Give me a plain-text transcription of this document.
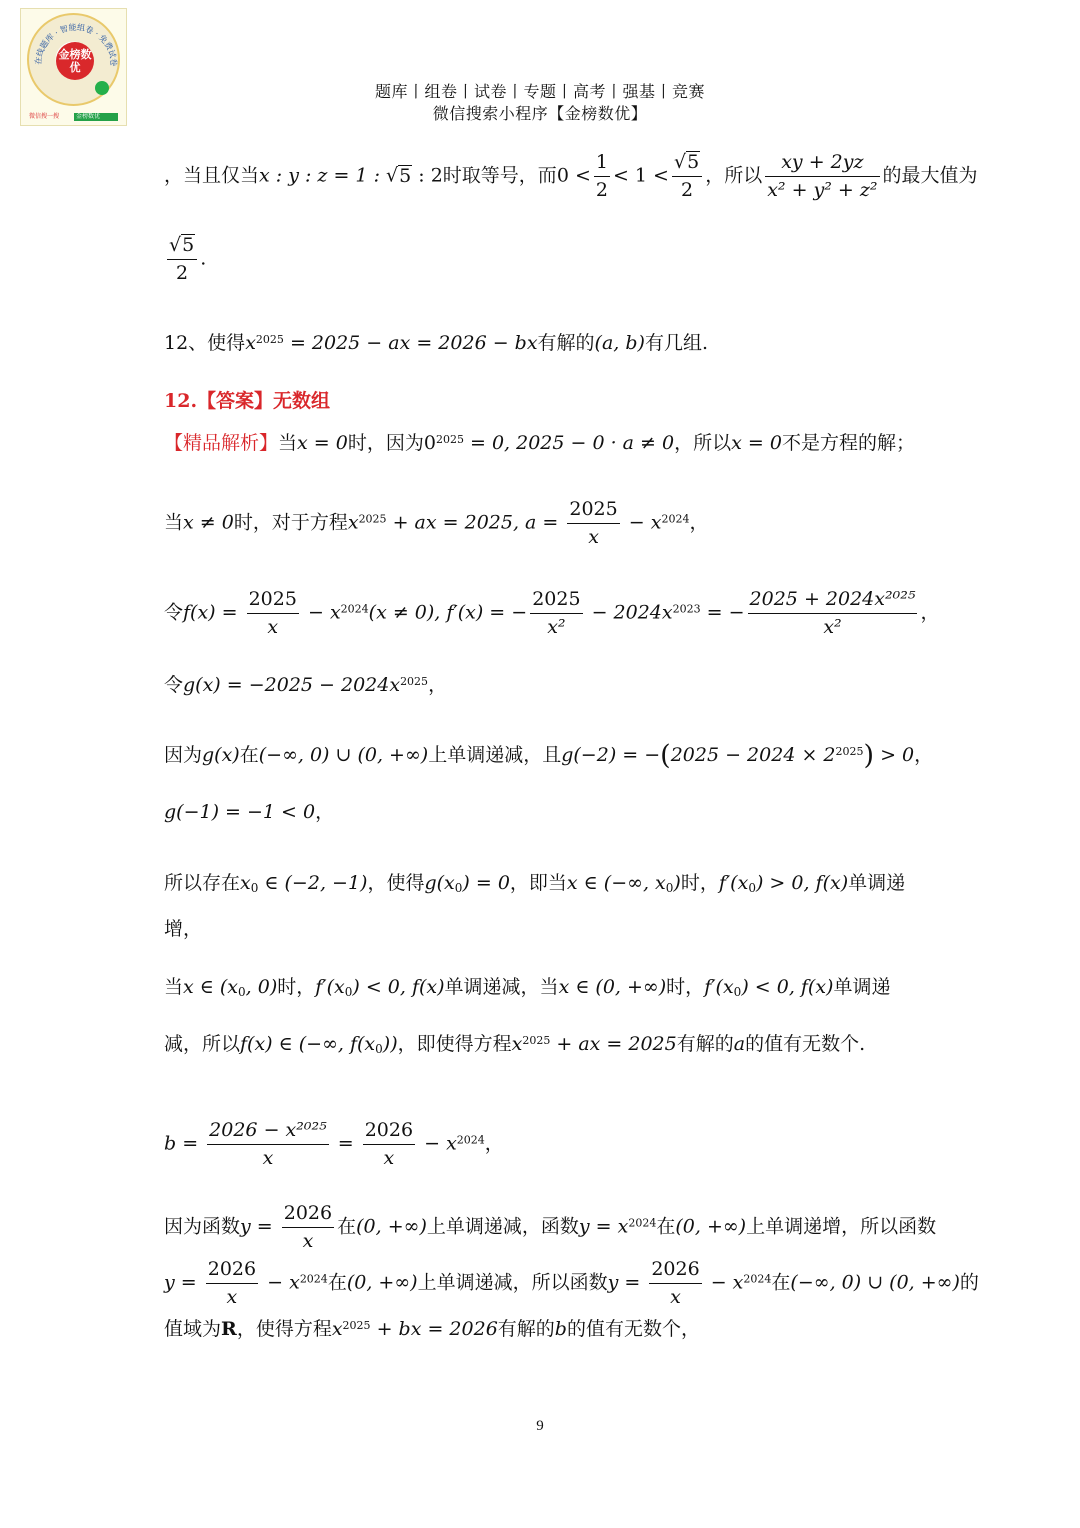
在线题库 · 智能组卷 · 免费试卷
金榜数优
微信搜一搜	金榜数优
题库丨组卷丨试卷丨专题丨高考丨强基丨竞赛
微信搜索小程序【金榜数优】
，当且仅当x : y : z = 1 : √5 : 2时取等号，而$0 < \frac{1}{2} < 1 < \frac{√5}{2}$ ，所以 $\frac{xy + 2yz}{\text{x² + y² + z²}}$ 的最大值为
$\frac{√5}{2}$ .
12、使得$x^{2025} = 2025$ − ax = 2026 − bx有解的(a, b)有几组.
12.【答案】无数组
【精品解析】当x = 0时，因为$0^{2025} = 0$, 2025 − 0 · a ≠ 0，所以x = 0不是方程的解；
当x ≠ 0时，对于方程$x^{2025}$ + ax = 2025, $a = \frac{2025}{x} - x^{2024}$，
令$f(x) = \frac{2025}{x} - x^{2024}(x \ne 0)$, f′(x) = − $\frac{2025}{\text{x²}} - 2024x^{2023}$ = − $\frac{\text{2025 + 2024x²⁰²⁵}}{\text{x²}}$ ，
令$g(x) = -2025 - 2024x^{2025}$，
因为g(x)在(−∞, 0) ∪ (0, +∞)上单调递减，且$g(-2) = -(2025 - 2024 \times 2^{2025}) > 0$，
g(−1) = −1 < 0，
所以存在$x_0$ ∈ (−2, −1)，使得$g(x_0) = 0$，即当x ∈ (−∞, $x_0$)时，$f'(x_0) > 0$, f(x)单调递
增，
当x ∈ ($x_0$, 0)时，$f'(x_0) < 0$, f(x)单调递减，当x ∈ (0, +∞)时，$f'(x_0) < 0$, f(x)单调递
减，所以f(x) ∈ (−∞, $f(x_0)$)，即使得方程$x^{2025}$ + ax = 2025有解的a的值有无数个.
$b = \frac{\text{2026 − x²⁰²⁵}}{x} = \frac{2026}{x} - x^{2024}$，
因为函数$y = \frac{2026}{x}$ 在(0, +∞)上单调递减，函数$y = x^{2024}$在(0, +∞)上单调递增，所以函数
$y = \frac{2026}{x} - x^{2024}$在(0, +∞)上单调递减，所以函数$y = \frac{2026}{x} - x^{2024}$在(−∞, 0) ∪ (0, +∞)的
值域为R，使得方程$x^{2025}$ + bx = 2026有解的b的值有无数个，
9
